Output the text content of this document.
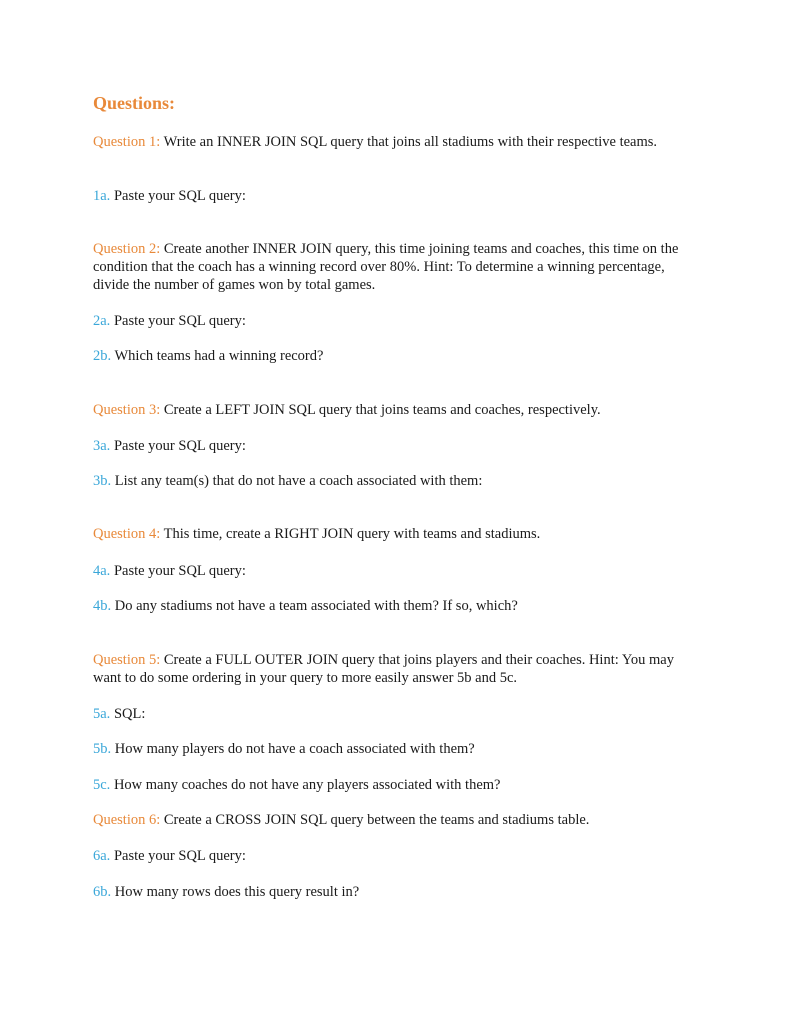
Questions:
Question 1: Write an INNER JOIN SQL query that joins all stadiums with their respective teams.
1a. Paste your SQL query:
Question 2: Create another INNER JOIN query, this time joining teams and coaches, this time on the condition that the coach has a winning record over 80%. Hint: To determine a winning percentage, divide the number of games won by total games.
2a. Paste your SQL query:
2b. Which teams had a winning record?
Question 3: Create a LEFT JOIN SQL query that joins teams and coaches, respectively.
3a. Paste your SQL query:
3b. List any team(s) that do not have a coach associated with them:
Question 4: This time, create a RIGHT JOIN query with teams and stadiums.
4a. Paste your SQL query:
4b. Do any stadiums not have a team associated with them? If so, which?
Question 5: Create a FULL OUTER JOIN query that joins players and their coaches. Hint: You may want to do some ordering in your query to more easily answer 5b and 5c.
5a. SQL:
5b. How many players do not have a coach associated with them?
5c. How many coaches do not have any players associated with them?
Question 6: Create a CROSS JOIN SQL query between the teams and stadiums table.
6a. Paste your SQL query:
6b. How many rows does this query result in?
